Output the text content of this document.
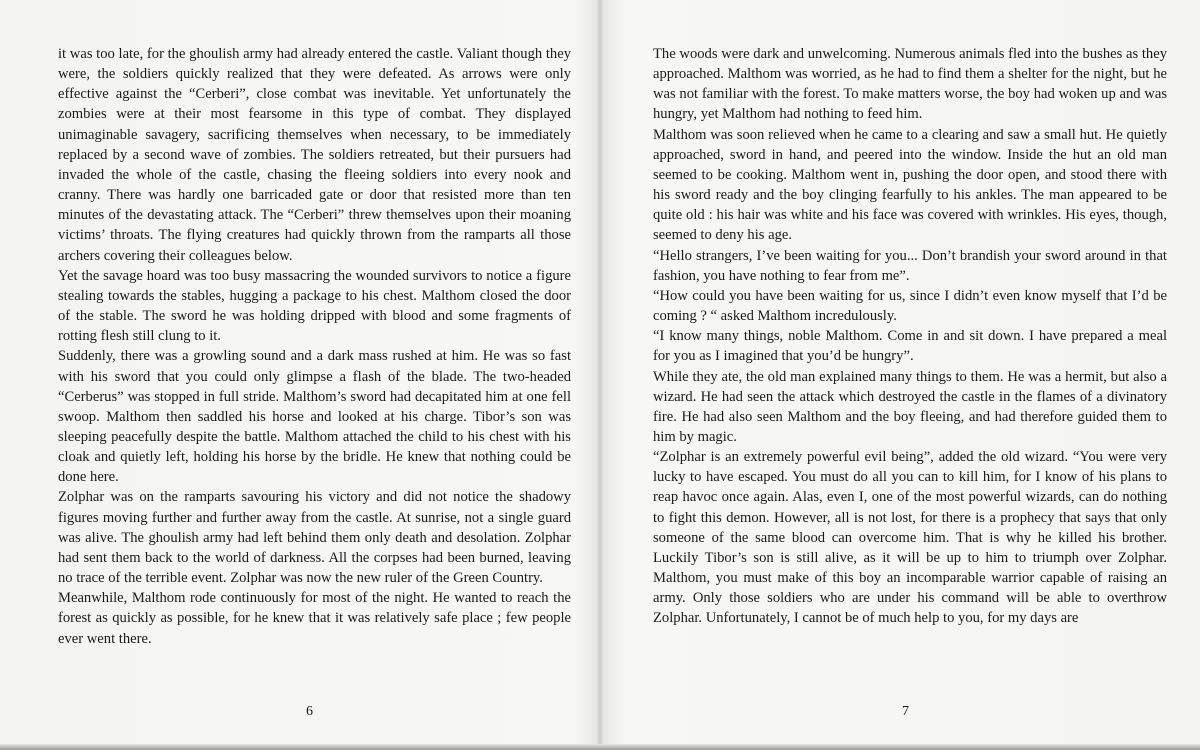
it was too late, for the ghoulish army had already entered the castle. Valiant though they were, the soldiers quickly realized that they were defeated. As arrows were only effective against the “Cerberi”, close combat was inevitable. Yet unfortunately the zombies were at their most fearsome in this type of combat. They displayed unimaginable savagery, sacrificing themselves when necessary, to be immediately replaced by a second wave of zombies. The soldiers retreated, but their pursuers had invaded the whole of the castle, chasing the fleeing soldiers into every nook and cranny. There was hardly one barricaded gate or door that resisted more than ten minutes of the devastating attack. The “Cerberi” threw themselves upon their moaning victims’ throats. The flying creatures had quickly thrown from the ramparts all those archers covering their colleagues below.

Yet the savage hoard was too busy massacring the wounded survivors to notice a figure stealing towards the stables, hugging a package to his chest. Malthom closed the door of the stable. The sword he was holding dripped with blood and some fragments of rotting flesh still clung to it.

Suddenly, there was a growling sound and a dark mass rushed at him. He was so fast with his sword that you could only glimpse a flash of the blade. The two-headed “Cerberus” was stopped in full stride. Malthom’s sword had decapitated him at one fell swoop. Malthom then saddled his horse and looked at his charge. Tibor’s son was sleeping peacefully despite the battle. Malthom attached the child to his chest with his cloak and quietly left, holding his horse by the bridle. He knew that nothing could be done here.

Zolphar was on the ramparts savouring his victory and did not notice the shadowy figures moving further and further away from the castle. At sunrise, not a single guard was alive. The ghoulish army had left behind them only death and desolation. Zolphar had sent them back to the world of darkness. All the corpses had been burned, leaving no trace of the terrible event. Zolphar was now the new ruler of the Green Country.

Meanwhile, Malthom rode continuously for most of the night. He wanted to reach the forest as quickly as possible, for he knew that it was relatively safe place ; few people ever went there.

6

The woods were dark and unwelcoming. Numerous animals fled into the bushes as they approached. Malthom was worried, as he had to find them a shelter for the night, but he was not familiar with the forest. To make matters worse, the boy had woken up and was hungry, yet Malthom had nothing to feed him.

Malthom was soon relieved when he came to a clearing and saw a small hut. He quietly approached, sword in hand, and peered into the window. Inside the hut an old man seemed to be cooking. Malthom went in, pushing the door open, and stood there with his sword ready and the boy clinging fearfully to his ankles. The man appeared to be quite old : his hair was white and his face was covered with wrinkles. His eyes, though, seemed to deny his age.

“Hello strangers, I’ve been waiting for you... Don’t brandish your sword around in that fashion, you have nothing to fear from me”.

“How could you have been waiting for us, since I didn’t even know myself that I’d be coming ? “ asked Malthom incredulously.

“I know many things, noble Malthom. Come in and sit down. I have prepared a meal for you as I imagined that you’d be hungry”.

While they ate, the old man explained many things to them. He was a hermit, but also a wizard. He had seen the attack which destroyed the castle in the flames of a divinatory fire. He had also seen Malthom and the boy fleeing, and had therefore guided them to him by magic.

“Zolphar is an extremely powerful evil being”, added the old wizard. “You were very lucky to have escaped. You must do all you can to kill him, for I know of his plans to reap havoc once again. Alas, even I, one of the most powerful wizards, can do nothing to fight this demon. However, all is not lost, for there is a prophecy that says that only someone of the same blood can overcome him. That is why he killed his brother. Luckily Tibor’s son is still alive, as it will be up to him to triumph over Zolphar. Malthom, you must make of this boy an incomparable warrior capable of raising an army. Only those soldiers who are under his command will be able to overthrow Zolphar. Unfortunately, I cannot be of much help to you, for my days are

7
